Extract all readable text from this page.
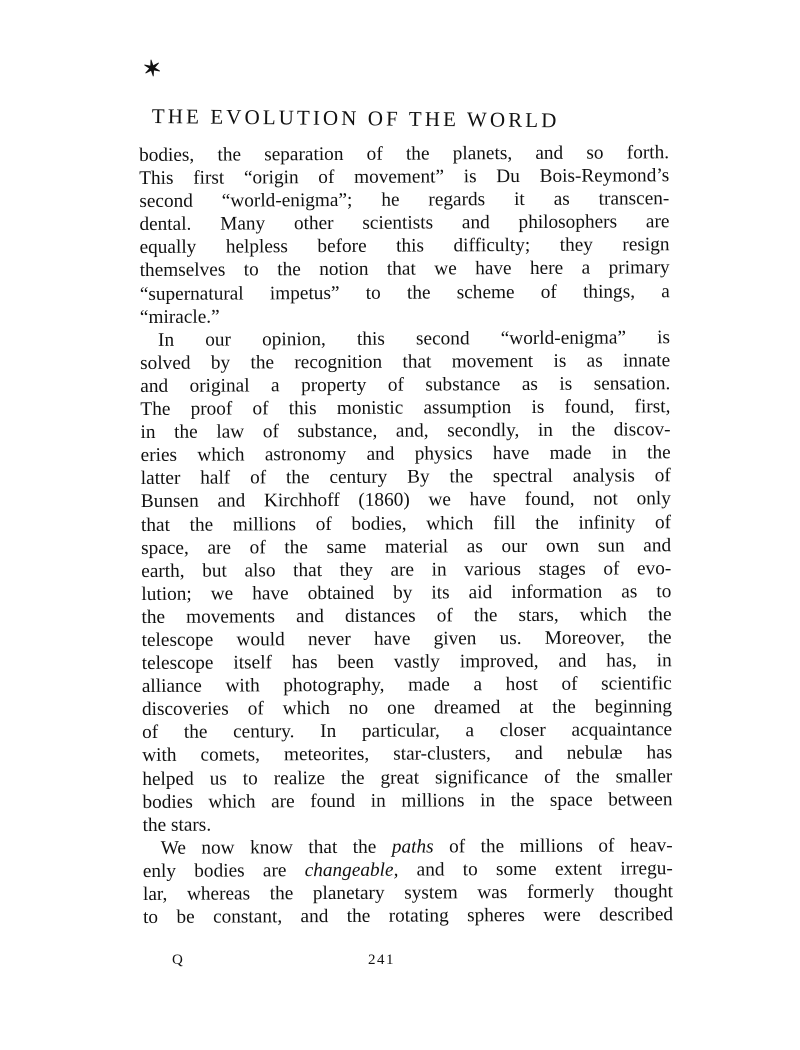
✶
THE EVOLUTION OF THE WORLD
bodies, the separation of the planets, and so forth.
This first “origin of movement” is Du Bois-Reymond’s
second “world-enigma”; he regards it as transcen-
dental. Many other scientists and philosophers are
equally helpless before this difficulty; they resign
themselves to the notion that we have here a primary
“supernatural impetus” to the scheme of things, a
“miracle.”
In our opinion, this second “world-enigma” is
solved by the recognition that movement is as innate
and original a property of substance as is sensation.
The proof of this monistic assumption is found, first,
in the law of substance, and, secondly, in the discov-
eries which astronomy and physics have made in the
latter half of the century By the spectral analysis of
Bunsen and Kirchhoff (1860) we have found, not only
that the millions of bodies, which fill the infinity of
space, are of the same material as our own sun and
earth, but also that they are in various stages of evo-
lution; we have obtained by its aid information as to
the movements and distances of the stars, which the
telescope would never have given us. Moreover, the
telescope itself has been vastly improved, and has, in
alliance with photography, made a host of scientific
discoveries of which no one dreamed at the beginning
of the century. In particular, a closer acquaintance
with comets, meteorites, star-clusters, and nebulæ has
helped us to realize the great significance of the smaller
bodies which are found in millions in the space between
the stars.
We now know that the paths of the millions of heav-
enly bodies are changeable, and to some extent irregu-
lar, whereas the planetary system was formerly thought
to be constant, and the rotating spheres were described
Q	241
